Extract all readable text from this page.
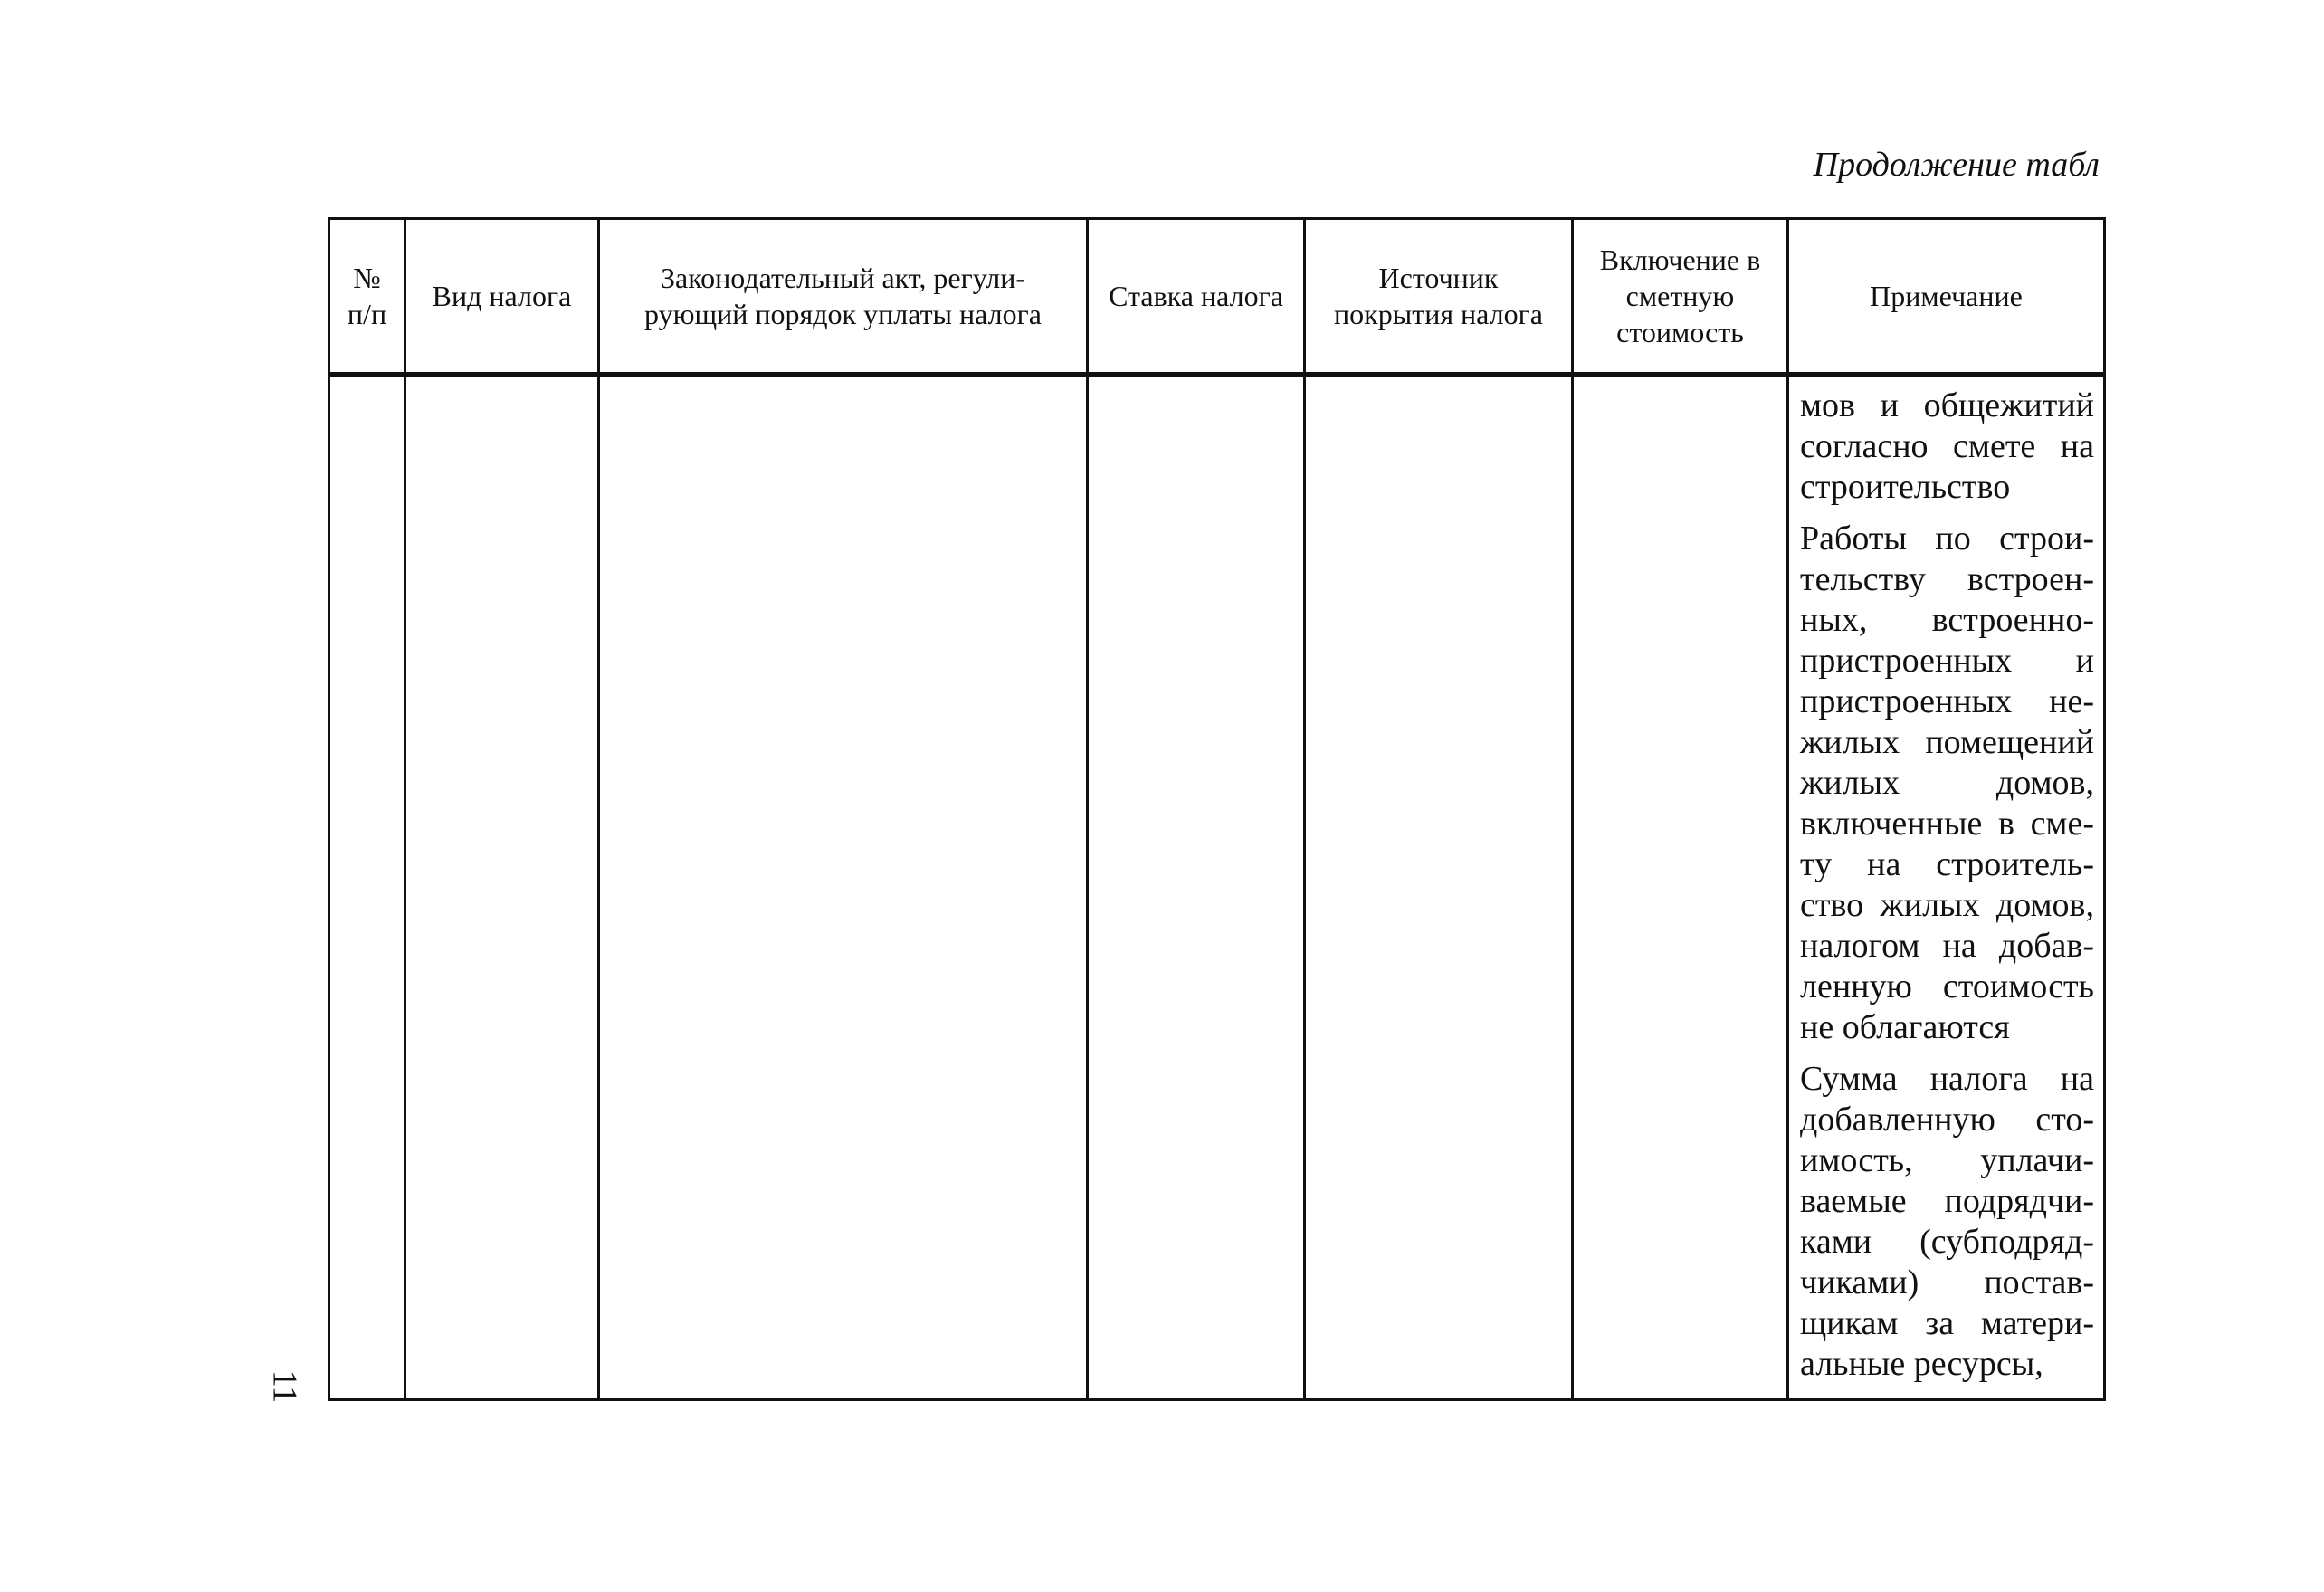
Продолжение табл
№ п/п	Вид налога	Законодательный акт, регули-рующий порядок уплаты налога	Ставка налога	Источник покрытия налога	Включение в сметную стоимость	Примечание

						мов и общежитий согласно смете на строительство

Работы по строи-тельству встроен-ных, встроенно-пристроенных и пристроенных не-жилых помещений жилых домов, включенные в сме-ту на строитель-ство жилых домов, налогом на добав-ленную стоимость не облагаются

Сумма налога на добавленную сто-имость, уплачи-ваемые подрядчи-ками (субподряд-чиками) постав-щикам за матери-альные ресурсы,

11
